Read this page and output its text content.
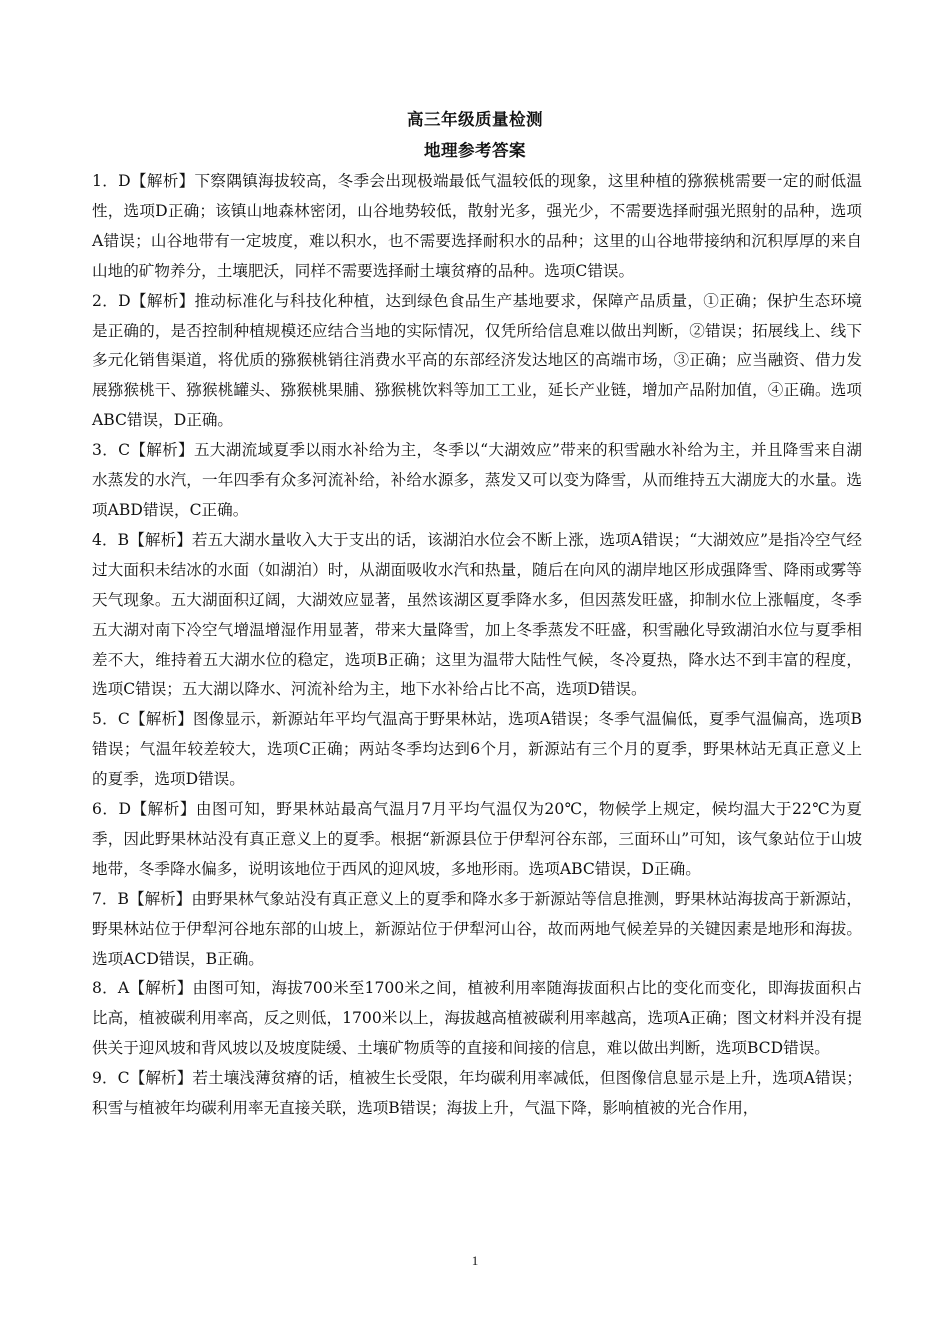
高三年级质量检测
地理参考答案

1．D【解析】下察隅镇海拔较高，冬季会出现极端最低气温较低的现象，这里种植的猕猴桃需要一定的耐低温性，选项D正确；该镇山地森林密闭，山谷地势较低，散射光多，强光少，不需要选择耐强光照射的品种，选项A错误；山谷地带有一定坡度，难以积水，也不需要选择耐积水的品种；这里的山谷地带接纳和沉积厚厚的来自山地的矿物养分，土壤肥沃，同样不需要选择耐土壤贫瘠的品种。选项C错误。

2．D【解析】推动标准化与科技化种植，达到绿色食品生产基地要求，保障产品质量，①正确；保护生态环境是正确的，是否控制种植规模还应结合当地的实际情况，仅凭所给信息难以做出判断，②错误；拓展线上、线下多元化销售渠道，将优质的猕猴桃销往消费水平高的东部经济发达地区的高端市场，③正确；应当融资、借力发展猕猴桃干、猕猴桃罐头、猕猴桃果脯、猕猴桃饮料等加工工业，延长产业链，增加产品附加值，④正确。选项ABC错误，D正确。

3．C【解析】五大湖流域夏季以雨水补给为主，冬季以“大湖效应”带来的积雪融水补给为主，并且降雪来自湖水蒸发的水汽，一年四季有众多河流补给，补给水源多，蒸发又可以变为降雪，从而维持五大湖庞大的水量。选项ABD错误，C正确。

4．B【解析】若五大湖水量收入大于支出的话，该湖泊水位会不断上涨，选项A错误；“大湖效应”是指冷空气经过大面积未结冰的水面（如湖泊）时，从湖面吸收水汽和热量，随后在向风的湖岸地区形成强降雪、降雨或雾等天气现象。五大湖面积辽阔，大湖效应显著，虽然该湖区夏季降水多，但因蒸发旺盛，抑制水位上涨幅度，冬季五大湖对南下冷空气增温增湿作用显著，带来大量降雪，加上冬季蒸发不旺盛，积雪融化导致湖泊水位与夏季相差不大，维持着五大湖水位的稳定，选项B正确；这里为温带大陆性气候，冬冷夏热，降水达不到丰富的程度，选项C错误；五大湖以降水、河流补给为主，地下水补给占比不高，选项D错误。

5．C【解析】图像显示，新源站年平均气温高于野果林站，选项A错误；冬季气温偏低，夏季气温偏高，选项B错误；气温年较差较大，选项C正确；两站冬季均达到6个月，新源站有三个月的夏季，野果林站无真正意义上的夏季，选项D错误。

6．D【解析】由图可知，野果林站最高气温月7月平均气温仅为20℃，物候学上规定，候均温大于22℃为夏季，因此野果林站没有真正意义上的夏季。根据“新源县位于伊犁河谷东部，三面环山”可知，该气象站位于山坡地带，冬季降水偏多，说明该地位于西风的迎风坡，多地形雨。选项ABC错误，D正确。

7．B【解析】由野果林气象站没有真正意义上的夏季和降水多于新源站等信息推测，野果林站海拔高于新源站，野果林站位于伊犁河谷地东部的山坡上，新源站位于伊犁河山谷，故而两地气候差异的关键因素是地形和海拔。选项ACD错误，B正确。

8．A【解析】由图可知，海拔700米至1700米之间，植被利用率随海拔面积占比的变化而变化，即海拔面积占比高，植被碳利用率高，反之则低，1700米以上，海拔越高植被碳利用率越高，选项A正确；图文材料并没有提供关于迎风坡和背风坡以及坡度陡缓、土壤矿物质等的直接和间接的信息，难以做出判断，选项BCD错误。

9．C【解析】若土壤浅薄贫瘠的话，植被生长受限，年均碳利用率减低，但图像信息显示是上升，选项A错误；积雪与植被年均碳利用率无直接关联，选项B错误；海拔上升，气温下降，影响植被的光合作用，

1
